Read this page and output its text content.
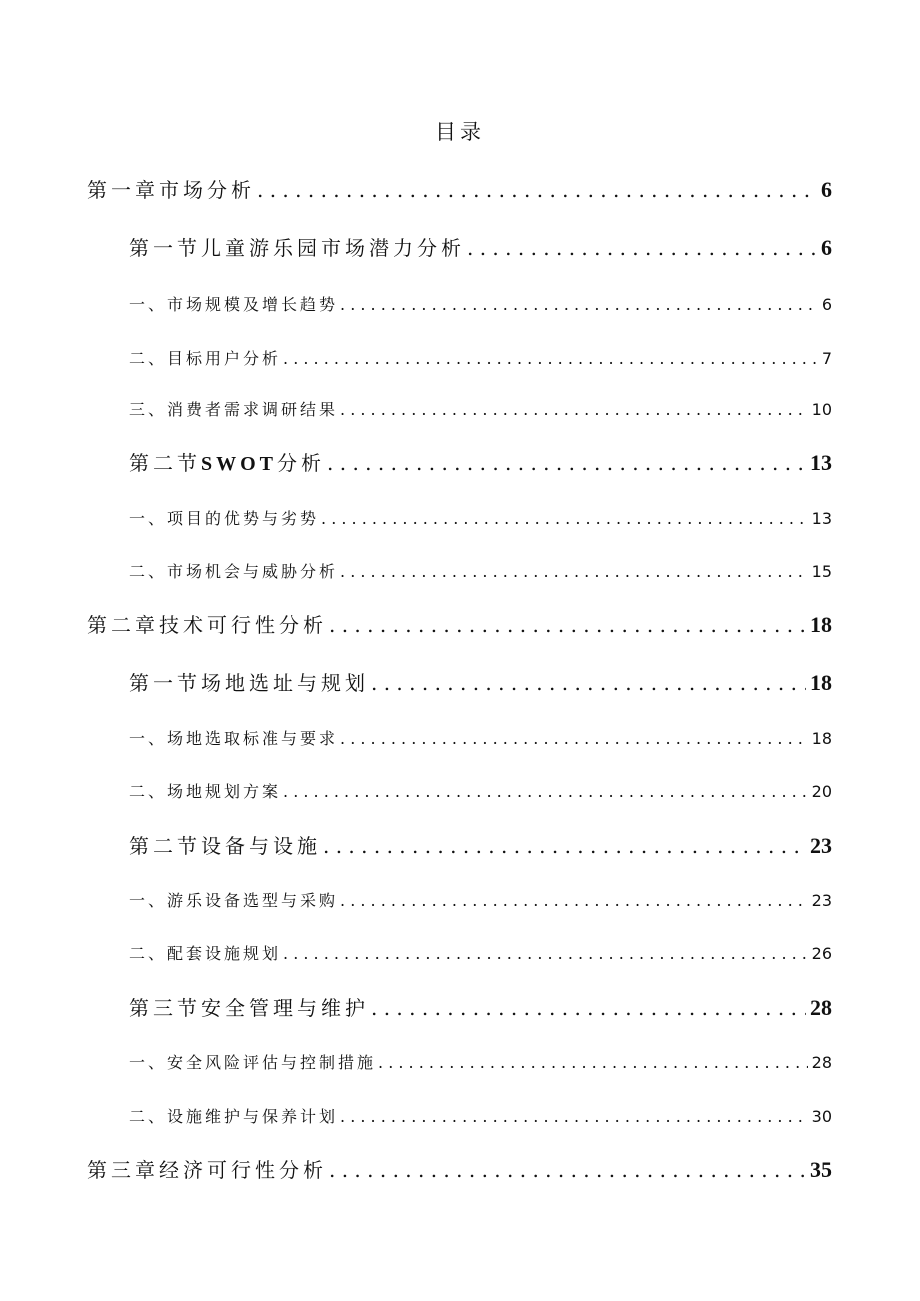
目录
第一章市场分析 . . .	6
第一节儿童游乐园市场潜力分析 . . .	6
一、市场规模及增长趋势 . . .	6
二、目标用户分析 . . .	7
三、消费者需求调研结果 . . .	10
第二节SWOT分析 . . .	13
一、项目的优势与劣势 . . .	13
二、市场机会与威胁分析 . . .	15
第二章技术可行性分析 . . .	18
第一节场地选址与规划 . . .	18
一、场地选取标准与要求 . . .	18
二、场地规划方案 . . .	20
第二节设备与设施 . . .	23
一、游乐设备选型与采购 . . .	23
二、配套设施规划 . . .	26
第三节安全管理与维护 . . .	28
一、安全风险评估与控制措施 . . .	28
二、设施维护与保养计划 . . .	30
第三章经济可行性分析 . . .	35
